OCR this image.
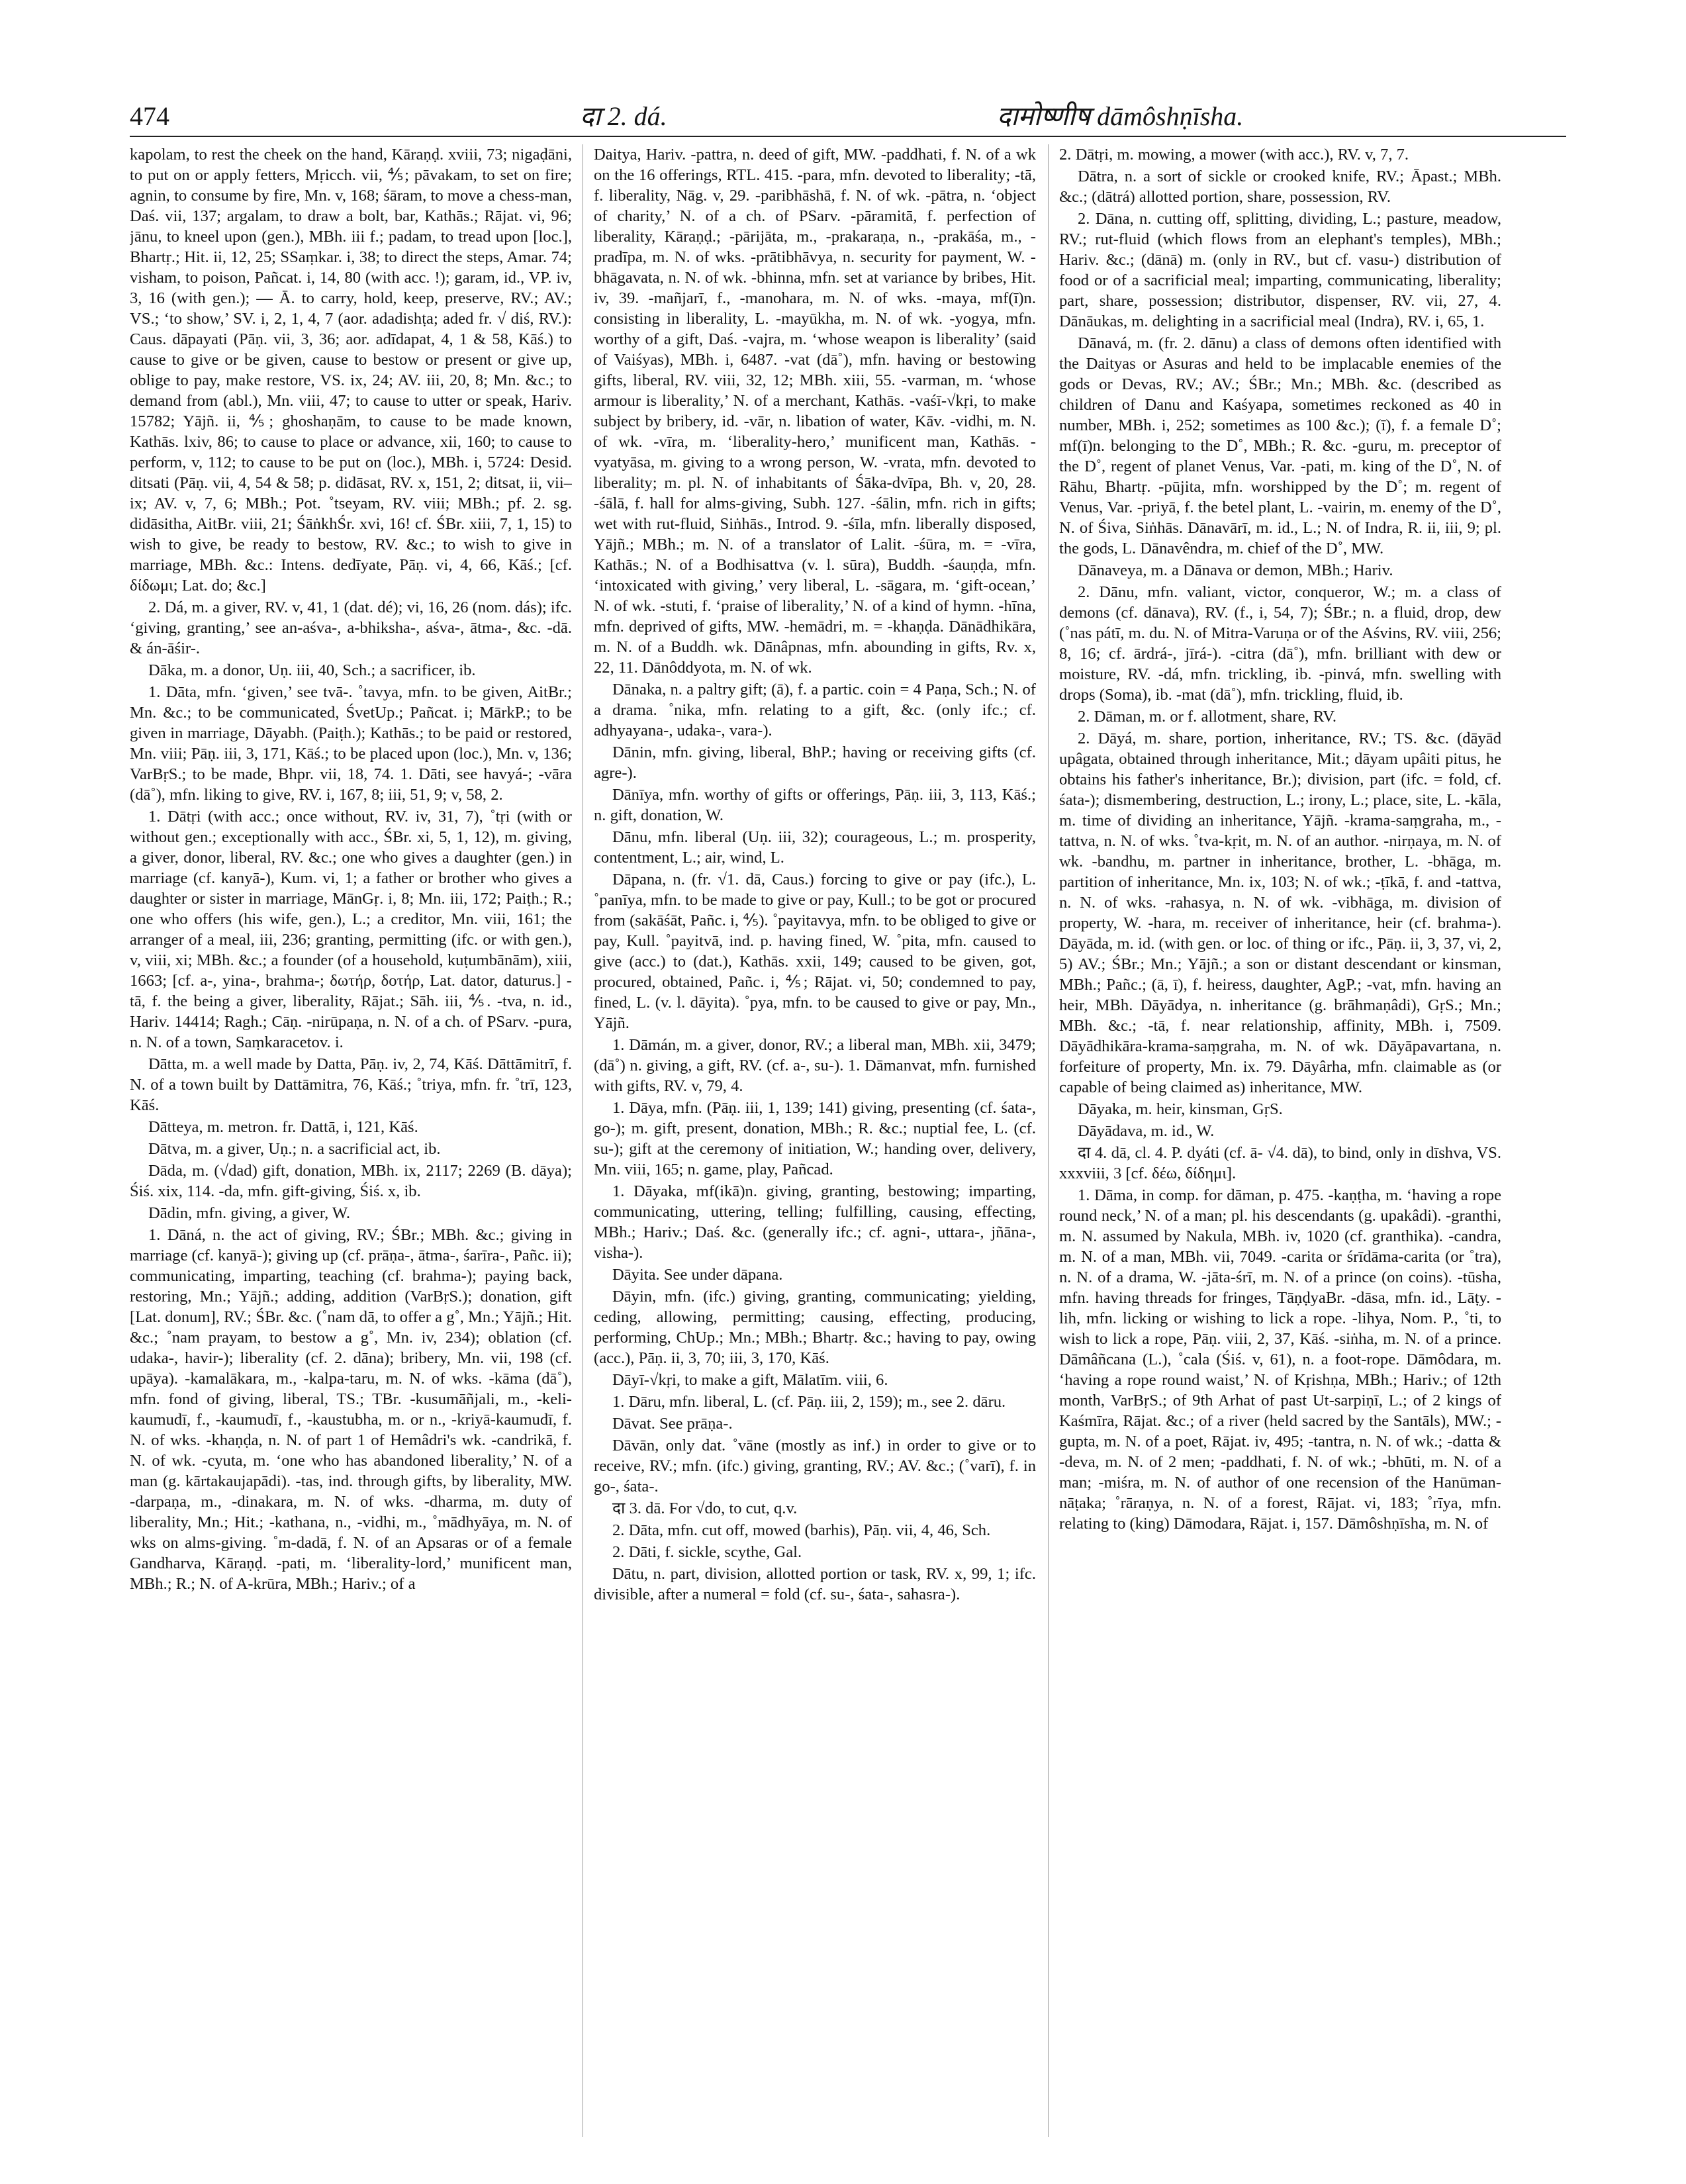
474	दा 2. dá.	दामोष्णीष dāmôshṇīsha.

kapolam, to rest the cheek on the hand, Kāraṇḍ. xviii, 73; nigaḍāni, to put on or apply fetters, Mṛicch. vii, ⅘; pāvakam, to set on fire; agnin, to consume by fire, Mn. v, 168; śāram, to move a chess-man, Daś. vii, 137; argalam, to draw a bolt, bar, Kathās.; Rājat. vi, 96; jānu, to kneel upon (gen.), MBh. iii f.; padam, to tread upon [loc.], Bhartṛ.; Hit. ii, 12, 25; SSaṃkar. i, 38; to direct the steps, Amar. 74; visham, to poison, Pañcat. i, 14, 80 (with acc. !); garam, id., VP. iv, 3, 16 (with gen.); — Ā. to carry, hold, keep, preserve, RV.; AV.; VS.; ‘to show,’ SV. i, 2, 1, 4, 7 (aor. adadishṭa; aded fr. √ diś, RV.): Caus. dāpayati (Pāṇ. vii, 3, 36; aor. adīdapat, 4, 1 & 58, Kāś.) to cause to give or be given, cause to bestow or present or give up, oblige to pay, make restore, VS. ix, 24; AV. iii, 20, 8; Mn. &c.; to demand from (abl.), Mn. viii, 47; to cause to utter or speak, Hariv. 15782; Yājñ. ii, ⅘; ghoshaṇām, to cause to be made known, Kathās. lxiv, 86; to cause to place or advance, xii, 160; to cause to perform, v, 112; to cause to be put on (loc.), MBh. i, 5724: Desid. ditsati (Pāṇ. vii, 4, 54 & 58; p. didāsat, RV. x, 151, 2; ditsat, ii, vii–ix; AV. v, 7, 6; MBh.; Pot. ˚tseyam, RV. viii; MBh.; pf. 2. sg. didāsitha, AitBr. viii, 21; ŚāṅkhŚr. xvi, 16! cf. ŚBr. xiii, 7, 1, 15) to wish to give, be ready to bestow, RV. &c.; to wish to give in marriage, MBh. &c.: Intens. dedīyate, Pāṇ. vi, 4, 66, Kāś.; [cf. δίδωμι; Lat. do; &c.]

2. Dá, m. a giver, RV. v, 41, 1 (dat. dé); vi, 16, 26 (nom. dás); ifc. ‘giving, granting,’ see an-aśva-, a-bhiksha-, aśva-, ātma-, &c. -dā. & án-āśir-.

Dāka, m. a donor, Uṇ. iii, 40, Sch.; a sacrificer, ib.

1. Dāta, mfn. ‘given,’ see tvā-. ˚tavya, mfn. to be given, AitBr.; Mn. &c.; to be communicated, ŚvetUp.; Pañcat. i; MārkP.; to be given in marriage, Dāyabh. (Paiṭh.); Kathās.; to be paid or restored, Mn. viii; Pāṇ. iii, 3, 171, Kāś.; to be placed upon (loc.), Mn. v, 136; VarBṛS.; to be made, Bhpr. vii, 18, 74. 1. Dāti, see havyá-; -vāra (dā˚), mfn. liking to give, RV. i, 167, 8; iii, 51, 9; v, 58, 2.

1. Dātṛi (with acc.; once without, RV. iv, 31, 7), ˚tṛi (with or without gen.; exceptionally with acc., ŚBr. xi, 5, 1, 12), m. giving, a giver, donor, liberal, RV. &c.; one who gives a daughter (gen.) in marriage (cf. kanyā-), Kum. vi, 1; a father or brother who gives a daughter or sister in marriage, MānGṛ. i, 8; Mn. iii, 172; Paiṭh.; R.; one who offers (his wife, gen.), L.; a creditor, Mn. viii, 161; the arranger of a meal, iii, 236; granting, permitting (ifc. or with gen.), v, viii, xi; MBh. &c.; a founder (of a household, kuṭumbānām), xiii, 1663; [cf. a-, yina-, brahma-; δωτήρ, δοτήρ, Lat. dator, daturus.] -tā, f. the being a giver, liberality, Rājat.; Sāh. iii, ⅘. -tva, n. id., Hariv. 14414; Ragh.; Cāṇ. -nirūpaṇa, n. N. of a ch. of PSarv. -pura, n. N. of a town, Saṃkaracetov. i.

Dātta, m. a well made by Datta, Pāṇ. iv, 2, 74, Kāś. Dāttāmitrī, f. N. of a town built by Dattāmitra, 76, Kāś.; ˚triya, mfn. fr. ˚trī, 123, Kāś.

Dātteya, m. metron. fr. Dattā, i, 121, Kāś.

Dātva, m. a giver, Uṇ.; n. a sacrificial act, ib.

Dāda, m. (√dad) gift, donation, MBh. ix, 2117; 2269 (B. dāya); Śiś. xix, 114. -da, mfn. gift-giving, Śiś. x, ib.

Dādin, mfn. giving, a giver, W.

1. Dāná, n. the act of giving, RV.; ŚBr.; MBh. &c.; giving in marriage (cf. kanyā-); giving up (cf. prāṇa-, ātma-, śarīra-, Pañc. ii); communicating, imparting, teaching (cf. brahma-); paying back, restoring, Mn.; Yājñ.; adding, addition (VarBṛS.); donation, gift [Lat. donum], RV.; ŚBr. &c. (˚nam dā, to offer a g˚, Mn.; Yājñ.; Hit. &c.; ˚nam prayam, to bestow a g˚, Mn. iv, 234); oblation (cf. udaka-, havir-); liberality (cf. 2. dāna); bribery, Mn. vii, 198 (cf. upāya). -kamalākara, m., -kalpa-taru, m. N. of wks. -kāma (dā˚), mfn. fond of giving, liberal, TS.; TBr. -kusumāñjali, m., -keli-kaumudī, f., -kaumudī, f., -kaustubha, m. or n., -kriyā-kaumudī, f. N. of wks. -khaṇḍa, n. N. of part 1 of Hemâdri's wk. -candrikā, f. N. of wk. -cyuta, m. ‘one who has abandoned liberality,’ N. of a man (g. kārtakaujapādi). -tas, ind. through gifts, by liberality, MW. -darpaṇa, m., -dinakara, m. N. of wks. -dharma, m. duty of liberality, Mn.; Hit.; -kathana, n., -vidhi, m., ˚mādhyāya, m. N. of wks on alms-giving. ˚m-dadā, f. N. of an Apsaras or of a female Gandharva, Kāraṇḍ. -pati, m. ‘liberality-lord,’ munificent man, MBh.; R.; N. of A-krūra, MBh.; Hariv.; of a

Daitya, Hariv. -pattra, n. deed of gift, MW. -paddhati, f. N. of a wk on the 16 offerings, RTL. 415. -para, mfn. devoted to liberality; -tā, f. liberality, Nāg. v, 29. -paribhāshā, f. N. of wk. -pātra, n. ‘object of charity,’ N. of a ch. of PSarv. -pāramitā, f. perfection of liberality, Kāraṇḍ.; -pārijāta, m., -prakaraṇa, n., -prakāśa, m., -pradīpa, m. N. of wks. -prātibhāvya, n. security for payment, W. -bhāgavata, n. N. of wk. -bhinna, mfn. set at variance by bribes, Hit. iv, 39. -mañjarī, f., -manohara, m. N. of wks. -maya, mf(ī)n. consisting in liberality, L. -mayūkha, m. N. of wk. -yogya, mfn. worthy of a gift, Daś. -vajra, m. ‘whose weapon is liberality’ (said of Vaiśyas), MBh. i, 6487. -vat (dā˚), mfn. having or bestowing gifts, liberal, RV. viii, 32, 12; MBh. xiii, 55. -varman, m. ‘whose armour is liberality,’ N. of a merchant, Kathās. -vaśī-√kṛi, to make subject by bribery, id. -vār, n. libation of water, Kāv. -vidhi, m. N. of wk. -vīra, m. ‘liberality-hero,’ munificent man, Kathās. -vyatyāsa, m. giving to a wrong person, W. -vrata, mfn. devoted to liberality; m. pl. N. of inhabitants of Śāka-dvīpa, Bh. v, 20, 28. -śālā, f. hall for alms-giving, Subh. 127. -śālin, mfn. rich in gifts; wet with rut-fluid, Siṅhās., Introd. 9. -śīla, mfn. liberally disposed, Yājñ.; MBh.; m. N. of a translator of Lalit. -śūra, m. = -vīra, Kathās.; N. of a Bodhisattva (v. l. sūra), Buddh. -śauṇḍa, mfn. ‘intoxicated with giving,’ very liberal, L. -sāgara, m. ‘gift-ocean,’ N. of wk. -stuti, f. ‘praise of liberality,’ N. of a kind of hymn. -hīna, mfn. deprived of gifts, MW. -hemādri, m. = -khaṇḍa. Dānādhikāra, m. N. of a Buddh. wk. Dānâpnas, mfn. abounding in gifts, Rv. x, 22, 11. Dānôddyota, m. N. of wk.

Dānaka, n. a paltry gift; (ā), f. a partic. coin = 4 Paṇa, Sch.; N. of a drama. ˚nika, mfn. relating to a gift, &c. (only ifc.; cf. adhyayana-, udaka-, vara-).

Dānin, mfn. giving, liberal, BhP.; having or receiving gifts (cf. agre-).

Dānīya, mfn. worthy of gifts or offerings, Pāṇ. iii, 3, 113, Kāś.; n. gift, donation, W.

Dānu, mfn. liberal (Uṇ. iii, 32); courageous, L.; m. prosperity, contentment, L.; air, wind, L.

Dāpana, n. (fr. √1. dā, Caus.) forcing to give or pay (ifc.), L. ˚panīya, mfn. to be made to give or pay, Kull.; to be got or procured from (sakāśāt, Pañc. i, ⅘). ˚payitavya, mfn. to be obliged to give or pay, Kull. ˚payitvā, ind. p. having fined, W. ˚pita, mfn. caused to give (acc.) to (dat.), Kathās. xxii, 149; caused to be given, got, procured, obtained, Pañc. i, ⅘; Rājat. vi, 50; condemned to pay, fined, L. (v. l. dāyita). ˚pya, mfn. to be caused to give or pay, Mn., Yājñ.

1. Dāmán, m. a giver, donor, RV.; a liberal man, MBh. xii, 3479; (dā˚) n. giving, a gift, RV. (cf. a-, su-). 1. Dāmanvat, mfn. furnished with gifts, RV. v, 79, 4.

1. Dāya, mfn. (Pāṇ. iii, 1, 139; 141) giving, presenting (cf. śata-, go-); m. gift, present, donation, MBh.; R. &c.; nuptial fee, L. (cf. su-); gift at the ceremony of initiation, W.; handing over, delivery, Mn. viii, 165; n. game, play, Pañcad.

1. Dāyaka, mf(ikā)n. giving, granting, bestowing; imparting, communicating, uttering, telling; fulfilling, causing, effecting, MBh.; Hariv.; Daś. &c. (generally ifc.; cf. agni-, uttara-, jñāna-, visha-).

Dāyita. See under dāpana.

Dāyin, mfn. (ifc.) giving, granting, communicating; yielding, ceding, allowing, permitting; causing, effecting, producing, performing, ChUp.; Mn.; MBh.; Bhartṛ. &c.; having to pay, owing (acc.), Pāṇ. ii, 3, 70; iii, 3, 170, Kāś.

Dāyī-√kṛi, to make a gift, Mālatīm. viii, 6.

1. Dāru, mfn. liberal, L. (cf. Pāṇ. iii, 2, 159); m., see 2. dāru.

Dāvat. See prāṇa-.

Dāvān, only dat. ˚vāne (mostly as inf.) in order to give or to receive, RV.; mfn. (ifc.) giving, granting, RV.; AV. &c.; (˚varī), f. in go-, śata-.

दा 3. dā. For √do, to cut, q.v.

2. Dāta, mfn. cut off, mowed (barhis), Pāṇ. vii, 4, 46, Sch.

2. Dāti, f. sickle, scythe, Gal.

Dātu, n. part, division, allotted portion or task, RV. x, 99, 1; ifc. divisible, after a numeral = fold (cf. su-, śata-, sahasra-).

2. Dātṛi, m. mowing, a mower (with acc.), RV. v, 7, 7.

Dātra, n. a sort of sickle or crooked knife, RV.; Āpast.; MBh. &c.; (dātrá) allotted portion, share, possession, RV.

2. Dāna, n. cutting off, splitting, dividing, L.; pasture, meadow, RV.; rut-fluid (which flows from an elephant's temples), MBh.; Hariv. &c.; (dānā) m. (only in RV., but cf. vasu-) distribution of food or of a sacrificial meal; imparting, communicating, liberality; part, share, possession; distributor, dispenser, RV. vii, 27, 4. Dānāukas, m. delighting in a sacrificial meal (Indra), RV. i, 65, 1.

Dānavá, m. (fr. 2. dānu) a class of demons often identified with the Daityas or Asuras and held to be implacable enemies of the gods or Devas, RV.; AV.; ŚBr.; Mn.; MBh. &c. (described as children of Danu and Kaśyapa, sometimes reckoned as 40 in number, MBh. i, 252; sometimes as 100 &c.); (ī), f. a female D˚; mf(ī)n. belonging to the D˚, MBh.; R. &c. -guru, m. preceptor of the D˚, regent of planet Venus, Var. -pati, m. king of the D˚, N. of Rāhu, Bhartṛ. -pūjita, mfn. worshipped by the D˚; m. regent of Venus, Var. -priyā, f. the betel plant, L. -vairin, m. enemy of the D˚, N. of Śiva, Siṅhās. Dānavārī, m. id., L.; N. of Indra, R. ii, iii, 9; pl. the gods, L. Dānavêndra, m. chief of the D˚, MW.

Dānaveya, m. a Dānava or demon, MBh.; Hariv.

2. Dānu, mfn. valiant, victor, conqueror, W.; m. a class of demons (cf. dānava), RV. (f., i, 54, 7); ŚBr.; n. a fluid, drop, dew (˚nas pátī, m. du. N. of Mitra-Varuṇa or of the Aśvins, RV. viii, 256; 8, 16; cf. ārdrá-, jīrá-). -citra (dā˚), mfn. brilliant with dew or moisture, RV. -dá, mfn. trickling, ib. -pinvá, mfn. swelling with drops (Soma), ib. -mat (dā˚), mfn. trickling, fluid, ib.

2. Dāman, m. or f. allotment, share, RV.

2. Dāyá, m. share, portion, inheritance, RV.; TS. &c. (dāyād upâgata, obtained through inheritance, Mit.; dāyam upâiti pitus, he obtains his father's inheritance, Br.); division, part (ifc. = fold, cf. śata-); dismembering, destruction, L.; irony, L.; place, site, L. -kāla, m. time of dividing an inheritance, Yājñ. -krama-saṃgraha, m., -tattva, n. N. of wks. ˚tva-kṛit, m. N. of an author. -nirṇaya, m. N. of wk. -bandhu, m. partner in inheritance, brother, L. -bhāga, m. partition of inheritance, Mn. ix, 103; N. of wk.; -ṭīkā, f. and -tattva, n. N. of wks. -rahasya, n. N. of wk. -vibhāga, m. division of property, W. -hara, m. receiver of inheritance, heir (cf. brahma-). Dāyāda, m. id. (with gen. or loc. of thing or ifc., Pāṇ. ii, 3, 37, vi, 2, 5) AV.; ŚBr.; Mn.; Yājñ.; a son or distant descendant or kinsman, MBh.; Pañc.; (ā, ī), f. heiress, daughter, AgP.; -vat, mfn. having an heir, MBh. Dāyādya, n. inheritance (g. brāhmaṇâdi), GṛS.; Mn.; MBh. &c.; -tā, f. near relationship, affinity, MBh. i, 7509. Dāyādhikāra-krama-saṃgraha, m. N. of wk. Dāyāpavartana, n. forfeiture of property, Mn. ix. 79. Dāyârha, mfn. claimable as (or capable of being claimed as) inheritance, MW.

Dāyaka, m. heir, kinsman, GṛS.

Dāyādava, m. id., W.

दा 4. dā, cl. 4. P. dyáti (cf. ā- √4. dā), to bind, only in dīshva, VS. xxxviii, 3 [cf. δέω, δίδημι].

1. Dāma, in comp. for dāman, p. 475. -kaṇṭha, m. ‘having a rope round neck,’ N. of a man; pl. his descendants (g. upakâdi). -granthi, m. N. assumed by Nakula, MBh. iv, 1020 (cf. granthika). -candra, m. N. of a man, MBh. vii, 7049. -carita or śrīdāma-carita (or ˚tra), n. N. of a drama, W. -jāta-śrī, m. N. of a prince (on coins). -tūsha, mfn. having threads for fringes, TāṇḍyaBr. -dāsa, mfn. id., Lāṭy. -lih, mfn. licking or wishing to lick a rope. -lihya, Nom. P., ˚ti, to wish to lick a rope, Pāṇ. viii, 2, 37, Kāś. -siṅha, m. N. of a prince. Dāmâñcana (L.), ˚cala (Śiś. v, 61), n. a foot-rope. Dāmôdara, m. ‘having a rope round waist,’ N. of Kṛishṇa, MBh.; Hariv.; of 12th month, VarBṛS.; of 9th Arhat of past Ut-sarpiṇī, L.; of 2 kings of Kaśmīra, Rājat. &c.; of a river (held sacred by the Santāls), MW.; -gupta, m. N. of a poet, Rājat. iv, 495; -tantra, n. N. of wk.; -datta & -deva, m. N. of 2 men; -paddhati, f. N. of wk.; -bhūti, m. N. of a man; -miśra, m. N. of author of one recension of the Hanūman-nāṭaka; ˚rāraṇya, n. N. of a forest, Rājat. vi, 183; ˚rīya, mfn. relating to (king) Dāmodara, Rājat. i, 157. Dāmôshṇīsha, m. N. of
